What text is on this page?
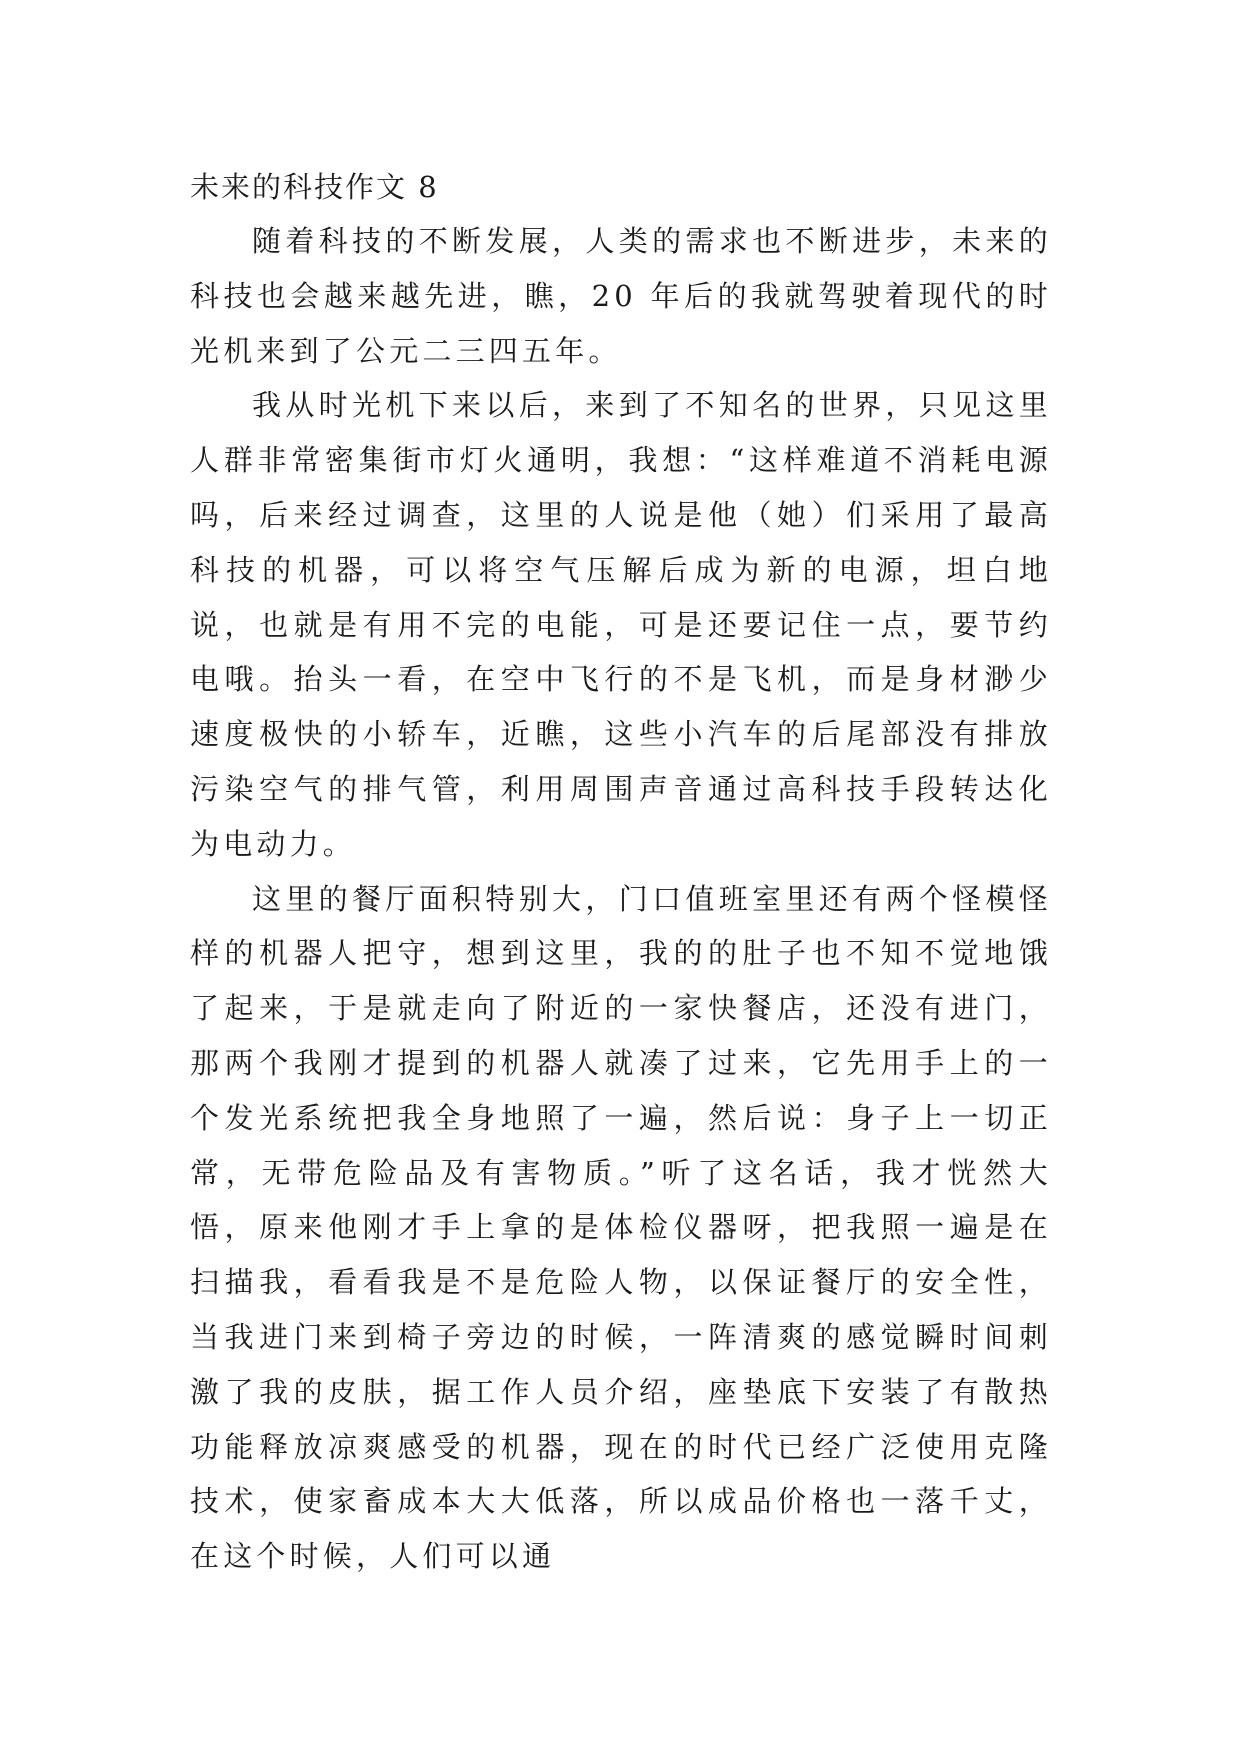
未来的科技作文 8

随着科技的不断发展，人类的需求也不断进步，未来的科技也会越来越先进，瞧，20 年后的我就驾驶着现代的时光机来到了公元二三四五年。

我从时光机下来以后，来到了不知名的世界，只见这里人群非常密集街市灯火通明，我想：“这样难道不消耗电源吗，后来经过调查，这里的人说是他（她）们采用了最高科技的机器，可以将空气压解后成为新的电源，坦白地说，也就是有用不完的电能，可是还要记住一点，要节约电哦。抬头一看，在空中飞行的不是飞机，而是身材渺少速度极快的小轿车，近瞧，这些小汽车的后尾部没有排放污染空气的排气管，利用周围声音通过高科技手段转达化为电动力。

这里的餐厅面积特别大，门口值班室里还有两个怪模怪样的机器人把守，想到这里，我的的肚子也不知不觉地饿了起来，于是就走向了附近的一家快餐店，还没有进门，那两个我刚才提到的机器人就凑了过来，它先用手上的一个发光系统把我全身地照了一遍，然后说：身子上一切正常，无带危险品及有害物质。”听了这名话，我才恍然大悟，原来他刚才手上拿的是体检仪器呀，把我照一遍是在扫描我，看看我是不是危险人物，以保证餐厅的安全性，当我进门来到椅子旁边的时候，一阵清爽的感觉瞬时间刺激了我的皮肤，据工作人员介绍，座垫底下安装了有散热功能释放凉爽感受的机器，现在的时代已经广泛使用克隆技术，使家畜成本大大低落，所以成品价格也一落千丈，在这个时候，人们可以通
